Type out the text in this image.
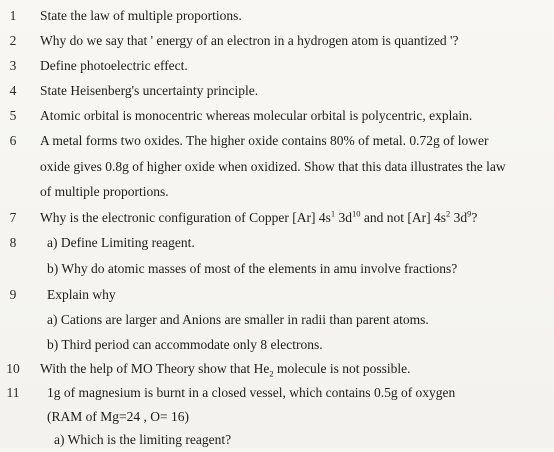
1	State the law of multiple proportions.
2	Why do we say that ' energy of an electron in a hydrogen atom is quantized '?
3	Define photoelectric effect.
4	State Heisenberg's uncertainty principle.
5	Atomic orbital is monocentric whereas molecular orbital is polycentric, explain.
6	A metal forms two oxides. The higher oxide contains 80% of metal. 0.72g of lower
oxide gives 0.8g of higher oxide when oxidized. Show that this data illustrates the law
of multiple proportions.
7	Why is the electronic configuration of Copper [Ar] $4s^1$ $3d^{10}$ and not [Ar] $4s^2$ $3d^9$?
8	a) Define Limiting reagent.
b) Why do atomic masses of most of the elements in amu involve fractions?
9	Explain why
a) Cations are larger and Anions are smaller in radii than parent atoms.
b) Third period can accommodate only 8 electrons.
10 With the help of MO Theory show that $He_2$ molecule is not possible.
11 1g of magnesium is burnt in a closed vessel, which contains 0.5g of oxygen
(RAM of Mg=24 , O= 16)
a) Which is the limiting reagent?
